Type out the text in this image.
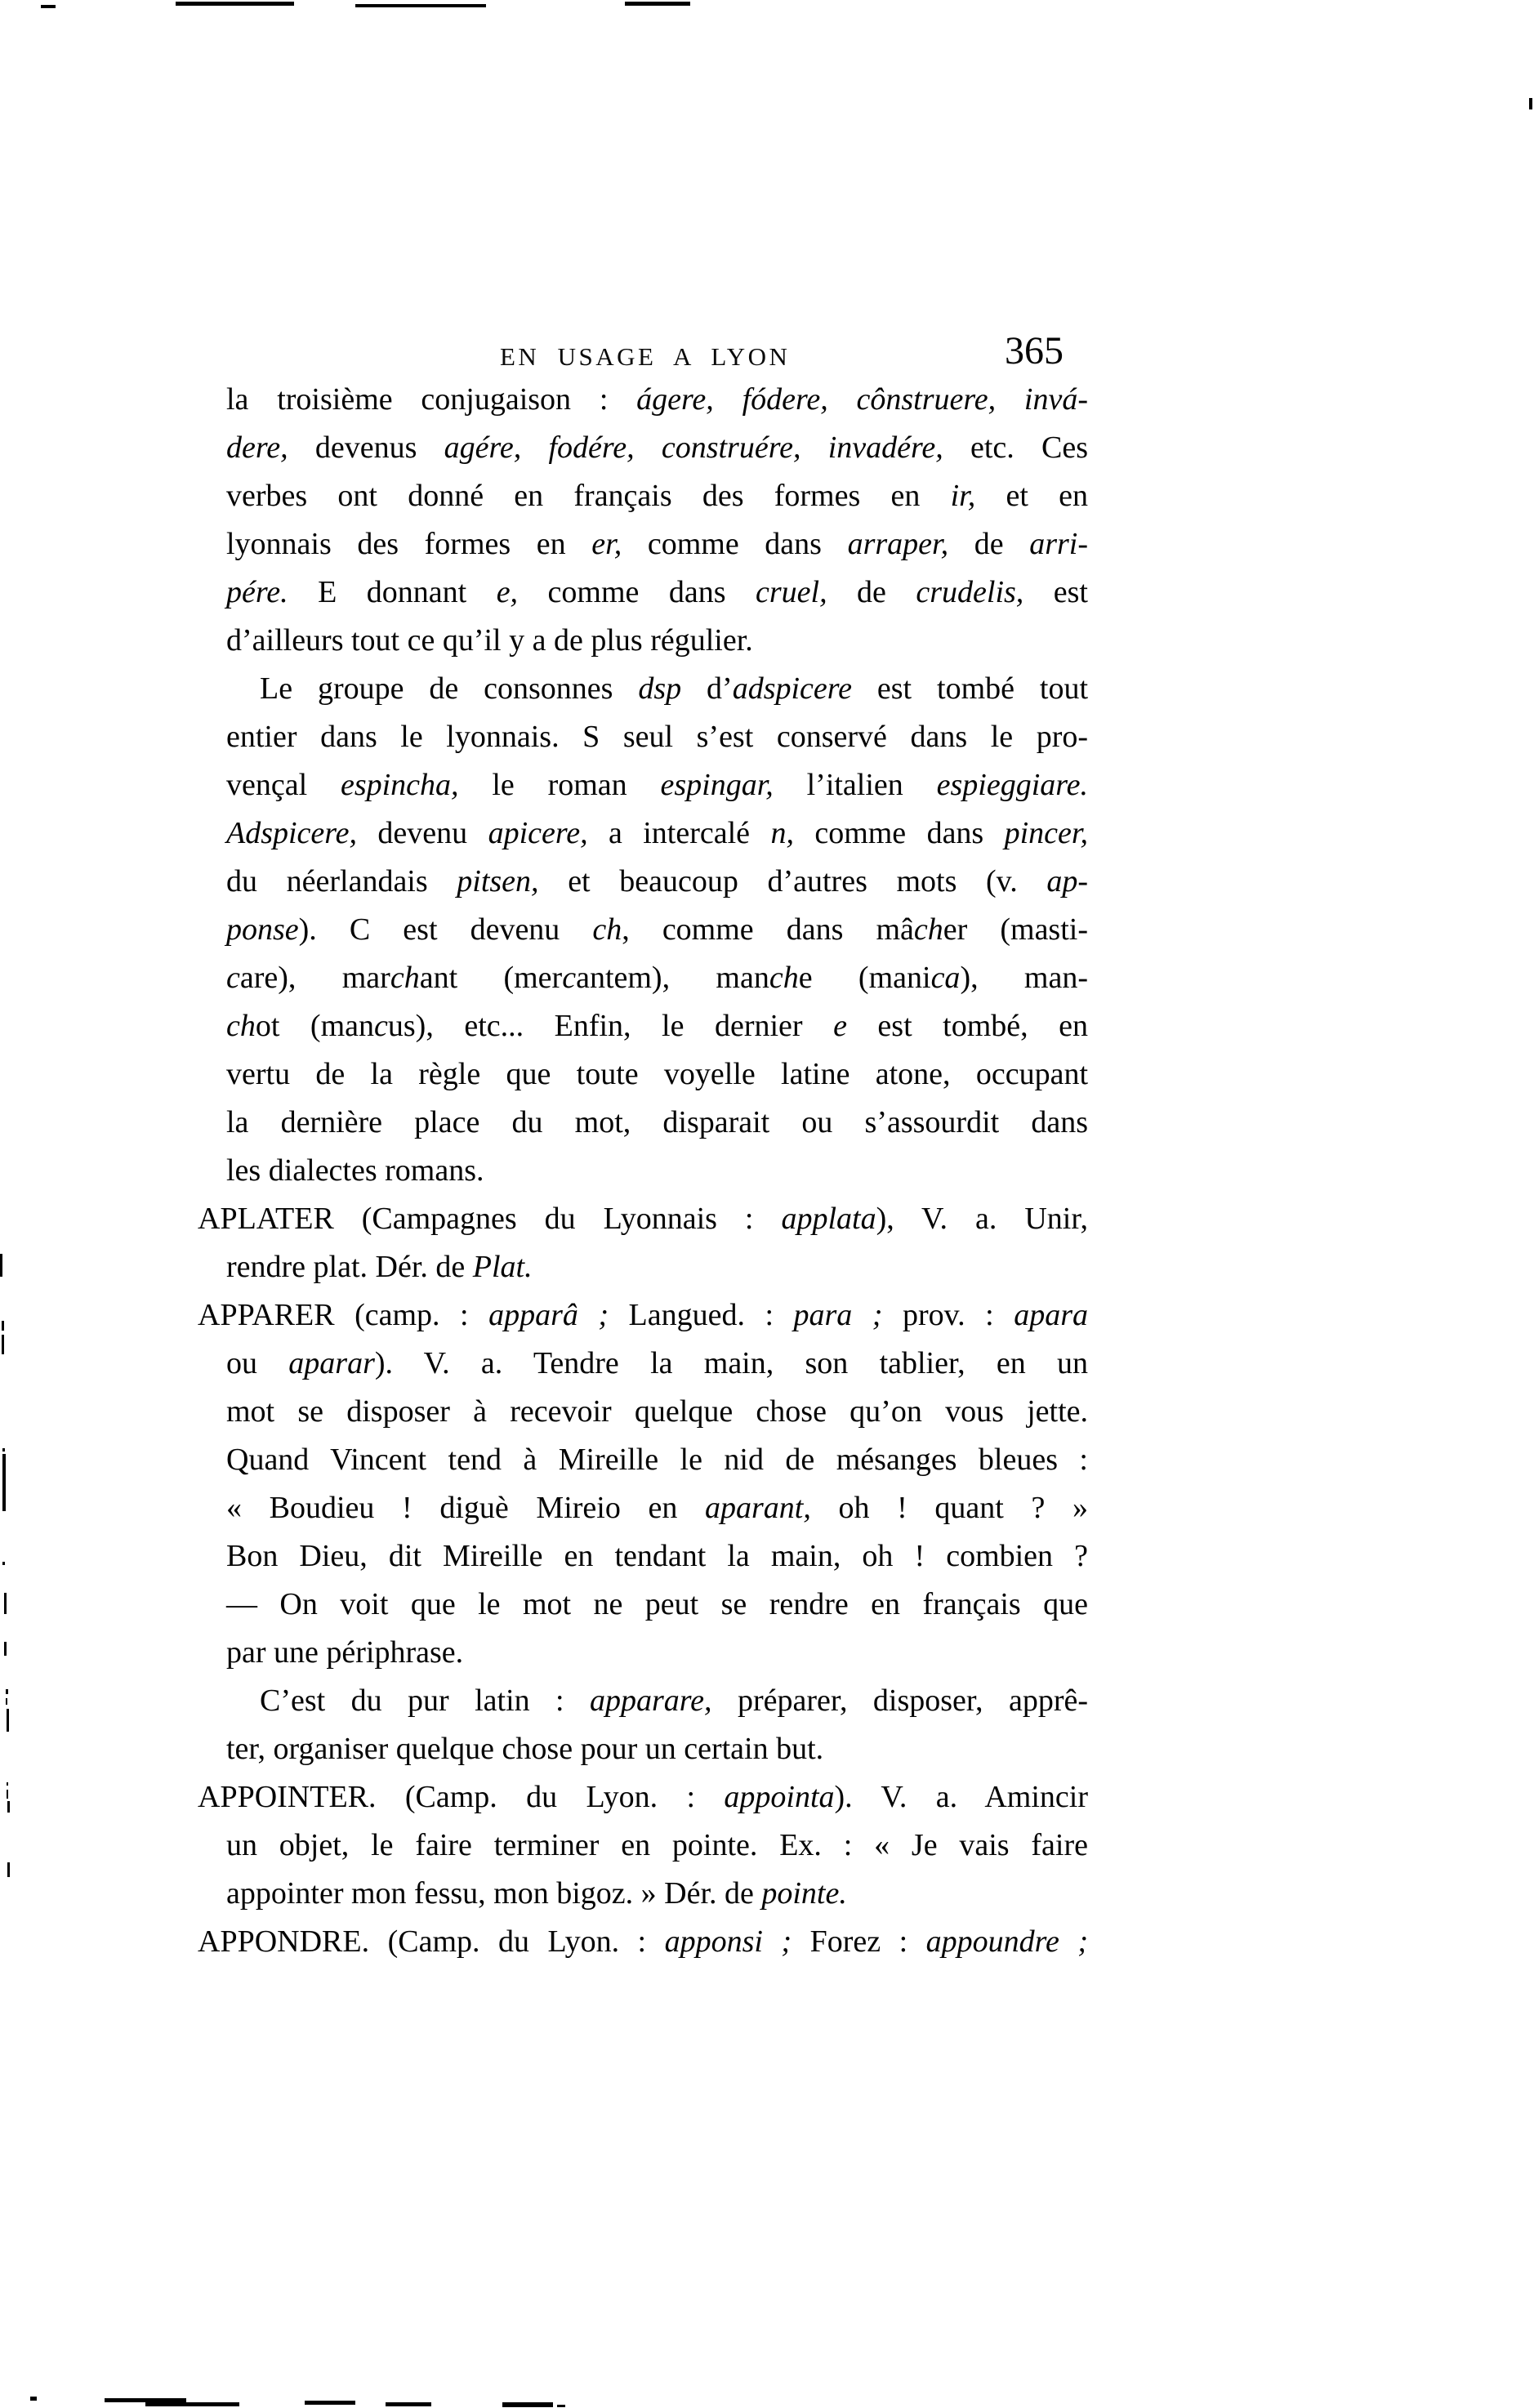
EN USAGE A LYON	365
la troisième conjugaison : ágere, fódere, cônstruere, invá-
dere, devenus agére, fodére, construére, invadére, etc. Ces
verbes ont donné en français des formes en ir, et en
lyonnais des formes en er, comme dans arraper, de arri-
pére. E donnant e, comme dans cruel, de crudelis, est
d’ailleurs tout ce qu’il y a de plus régulier.
Le groupe de consonnes dsp d’adspicere est tombé tout
entier dans le lyonnais. S seul s’est conservé dans le pro-
vençal espincha, le roman espingar, l’italien espieggiare.
Adspicere, devenu apicere, a intercalé n, comme dans pincer,
du néerlandais pitsen, et beaucoup d’autres mots (v. ap-
ponse). C est devenu ch, comme dans mâcher (masti-
care), marchant (mercantem), manche (manica), man-
chot (mancus), etc... Enfin, le dernier e est tombé, en
vertu de la règle que toute voyelle latine atone, occupant
la dernière place du mot, disparait ou s’assourdit dans
les dialectes romans.
APLATER (Campagnes du Lyonnais : applata), V. a. Unir,
rendre plat. Dér. de Plat.
APPARER (camp. : apparâ ; Langued. : para ; prov. : apara
ou aparar). V. a. Tendre la main, son tablier, en un
mot se disposer à recevoir quelque chose qu’on vous jette.
Quand Vincent tend à Mireille le nid de mésanges bleues :
« Boudieu ! diguè Mireio en aparant, oh ! quant ? »
Bon Dieu, dit Mireille en tendant la main, oh ! combien ?
— On voit que le mot ne peut se rendre en français que
par une périphrase.
C’est du pur latin : apparare, préparer, disposer, apprê-
ter, organiser quelque chose pour un certain but.
APPOINTER. (Camp. du Lyon. : appointa). V. a. Amincir
un objet, le faire terminer en pointe. Ex. : « Je vais faire
appointer mon fessu, mon bigoz. » Dér. de pointe.
APPONDRE. (Camp. du Lyon. : apponsi ; Forez : appoundre ;
